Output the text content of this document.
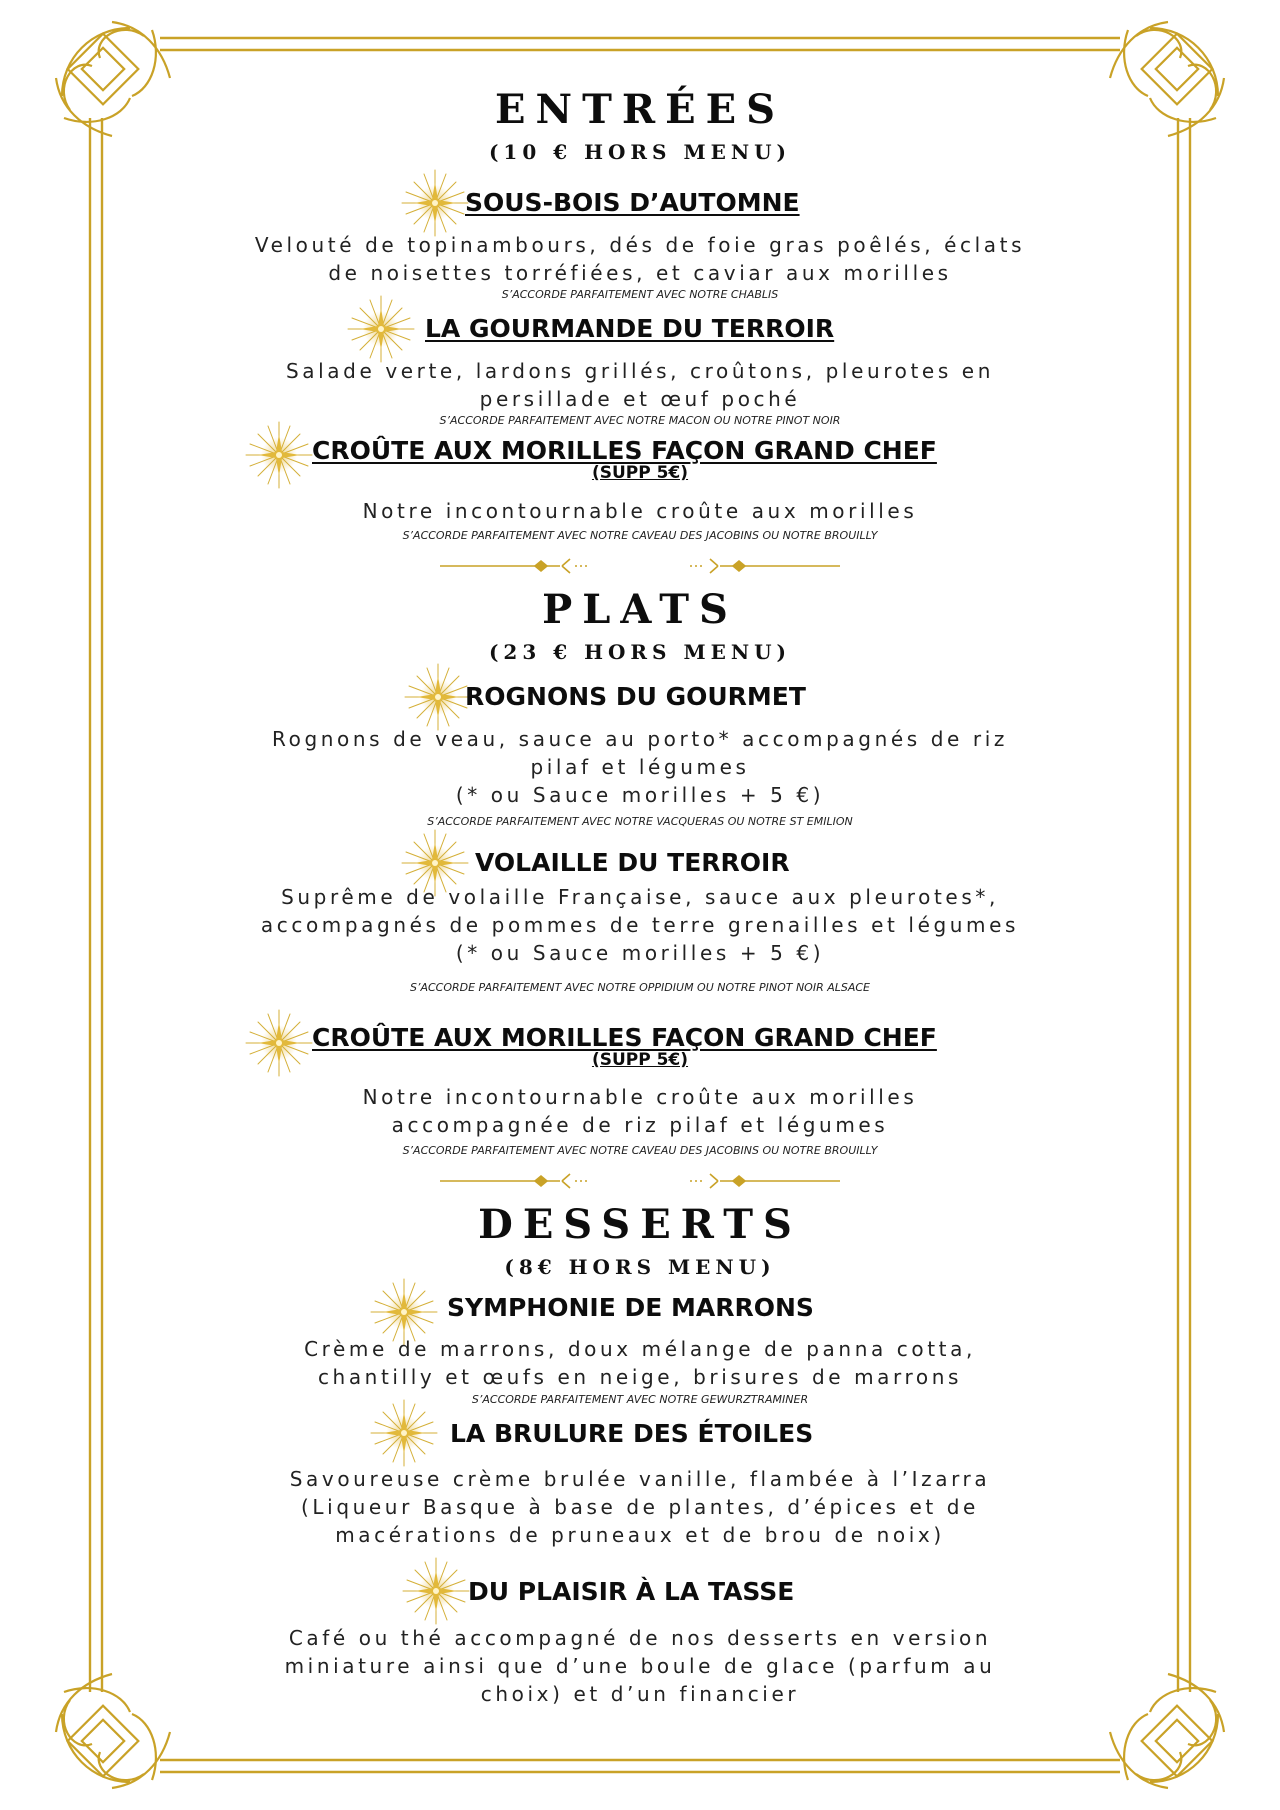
ENTRÉES
(10 € HORS MENU)
SOUS-BOIS D’AUTOMNE
Velouté de topinambours, dés de foie gras poêlés, éclats
de noisettes torréfiées, et caviar aux morilles
S’ACCORDE PARFAITEMENT AVEC NOTRE CHABLIS
LA GOURMANDE DU TERROIR
Salade verte, lardons grillés, croûtons, pleurotes en
persillade et œuf poché
S’ACCORDE PARFAITEMENT AVEC NOTRE MACON OU NOTRE PINOT NOIR
CROÛTE AUX MORILLES FAÇON GRAND CHEF
(SUPP 5€)
Notre incontournable croûte aux morilles
S’ACCORDE PARFAITEMENT AVEC NOTRE CAVEAU DES JACOBINS OU NOTRE BROUILLY
PLATS
(23 € HORS MENU)
ROGNONS DU GOURMET
Rognons de veau, sauce au porto* accompagnés de riz
pilaf et légumes
(* ou Sauce morilles + 5 €)
S’ACCORDE PARFAITEMENT AVEC NOTRE VACQUERAS OU NOTRE ST EMILION
VOLAILLE DU TERROIR
Suprême de volaille Française, sauce aux pleurotes*,
accompagnés de pommes de terre grenailles et légumes
(* ou Sauce morilles + 5 €)
S’ACCORDE PARFAITEMENT AVEC NOTRE OPPIDIUM OU NOTRE PINOT NOIR ALSACE
CROÛTE AUX MORILLES FAÇON GRAND CHEF
(SUPP 5€)
Notre incontournable croûte aux morilles
accompagnée de riz pilaf et légumes
S’ACCORDE PARFAITEMENT AVEC NOTRE CAVEAU DES JACOBINS OU NOTRE BROUILLY
DESSERTS
(8€ HORS MENU)
SYMPHONIE DE MARRONS
Crème de marrons, doux mélange de panna cotta,
chantilly et œufs en neige, brisures de marrons
S’ACCORDE PARFAITEMENT AVEC NOTRE GEWURZTRAMINER
LA BRULURE DES ÉTOILES
Savoureuse crème brulée vanille, flambée à l’Izarra
(Liqueur Basque à base de plantes, d’épices et de
macérations de pruneaux et de brou de noix)
DU PLAISIR À LA TASSE
Café ou thé accompagné de nos desserts en version
miniature ainsi que d’une boule de glace (parfum au
choix) et d’un financier
